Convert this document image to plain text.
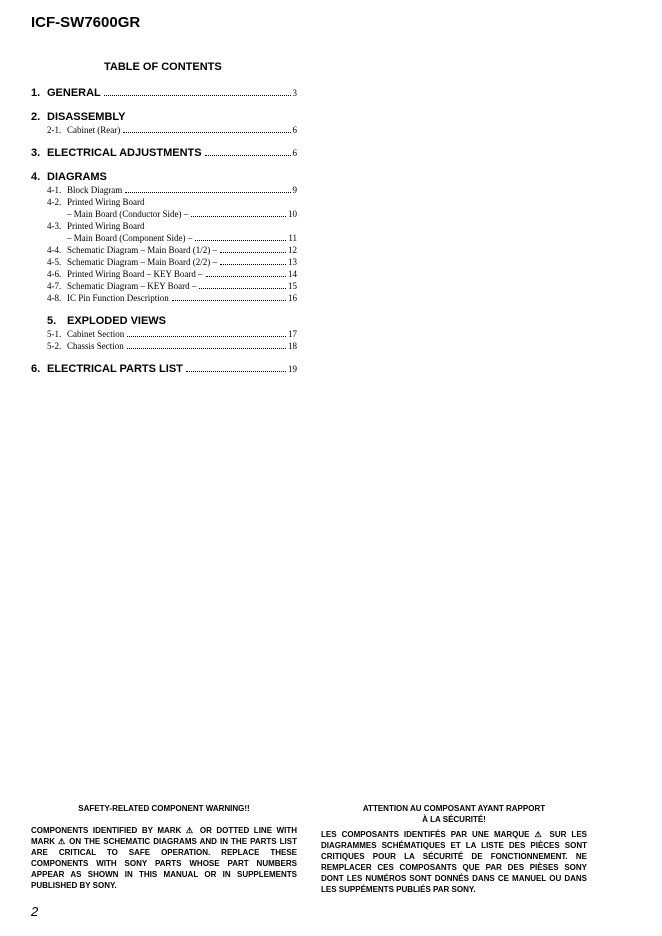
ICF-SW7600GR
TABLE OF CONTENTS
1. GENERAL	3
2. DISASSEMBLY
2-1. Cabinet (Rear)	6
3. ELECTRICAL ADJUSTMENTS	6
4. DIAGRAMS
4-1. Block Diagram	9
4-2. Printed Wiring Board
– Main Board (Conductor Side) –	10
4-3. Printed Wiring Board
– Main Board (Component Side) –	11
4-4. Schematic Diagram – Main Board (1/2) –	12
4-5. Schematic Diagram – Main Board (2/2) –	13
4-6. Printed Wiring Board – KEY Board –	14
4-7. Schematic Diagram – KEY Board –	15
4-8. IC Pin Function Description	16
5. EXPLODED VIEWS
5-1. Cabinet Section	17
5-2. Chassis Section	18
6. ELECTRICAL PARTS LIST	19

SAFETY-RELATED COMPONENT WARNING!!

COMPONENTS IDENTIFIED BY MARK ⚠ OR DOTTED LINE WITH MARK ⚠ ON THE SCHEMATIC DIAGRAMS AND IN THE PARTS LIST ARE CRITICAL TO SAFE OPERATION. REPLACE THESE COMPONENTS WITH SONY PARTS WHOSE PART NUMBERS APPEAR AS SHOWN IN THIS MANUAL OR IN SUPPLEMENTS PUBLISHED BY SONY.

ATTENTION AU COMPOSANT AYANT RAPPORT
À LA SÉCURITÉ!

LES COMPOSANTS IDENTIFÉS PAR UNE MARQUE ⚠ SUR LES DIAGRAMMES SCHÉMATIQUES ET LA LISTE DES PIÈCES SONT CRITIQUES POUR LA SÉCURITÉ DE FONCTIONNEMENT. NE REMPLACER CES COMPOSANTS QUE PAR DES PIÈSES SONY DONT LES NUMÉROS SONT DONNÉS DANS CE MANUEL OU DANS LES SUPPÉMENTS PUBLIÉS PAR SONY.

2
